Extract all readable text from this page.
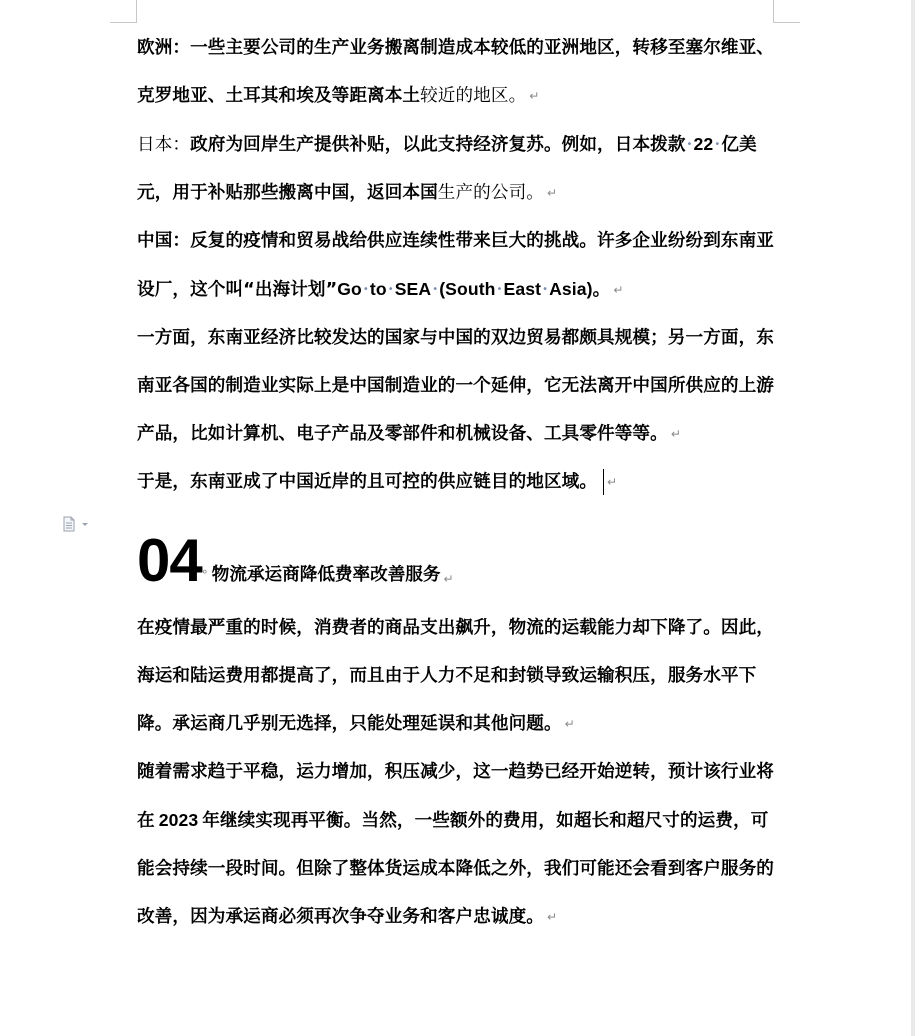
欧洲：一些主要公司的生产业务搬离制造成本较低的亚洲地区，转移至塞尔维亚、克罗地亚、土耳其和埃及等距离本土较近的地区。 ↵

日本：政府为回岸生产提供补贴，以此支持经济复苏。例如，日本拨款•22•亿美元，用于补贴那些搬离中国，返回本国生产的公司。 ↵

中国：反复的疫情和贸易战给供应连续性带来巨大的挑战。许多企业纷纷到东南亚设厂，这个叫“出海计划”Go•to•SEA•(South•East•Asia)。 ↵

一方面，东南亚经济比较发达的国家与中国的双边贸易都颇具规模；另一方面，东南亚各国的制造业实际上是中国制造业的一个延伸，它无法离开中国所供应的上游产品，比如计算机、电子产品及零部件和机械设备、工具零件等等。 ↵

于是，东南亚成了中国近岸的且可控的供应链目的地区域。 ↵

04 ° 物流承运商降低费率改善服务 ↵

在疫情最严重的时候，消费者的商品支出飙升，物流的运载能力却下降了。因此，海运和陆运费用都提高了，而且由于人力不足和封锁导致运输积压，服务水平下降。承运商几乎别无选择，只能处理延误和其他问题。 ↵

随着需求趋于平稳，运力增加，积压减少，这一趋势已经开始逆转，预计该行业将在 2023 年继续实现再平衡。当然，一些额外的费用，如超长和超尺寸的运费，可能会持续一段时间。但除了整体货运成本降低之外，我们可能还会看到客户服务的改善，因为承运商必须再次争夺业务和客户忠诚度。 ↵
